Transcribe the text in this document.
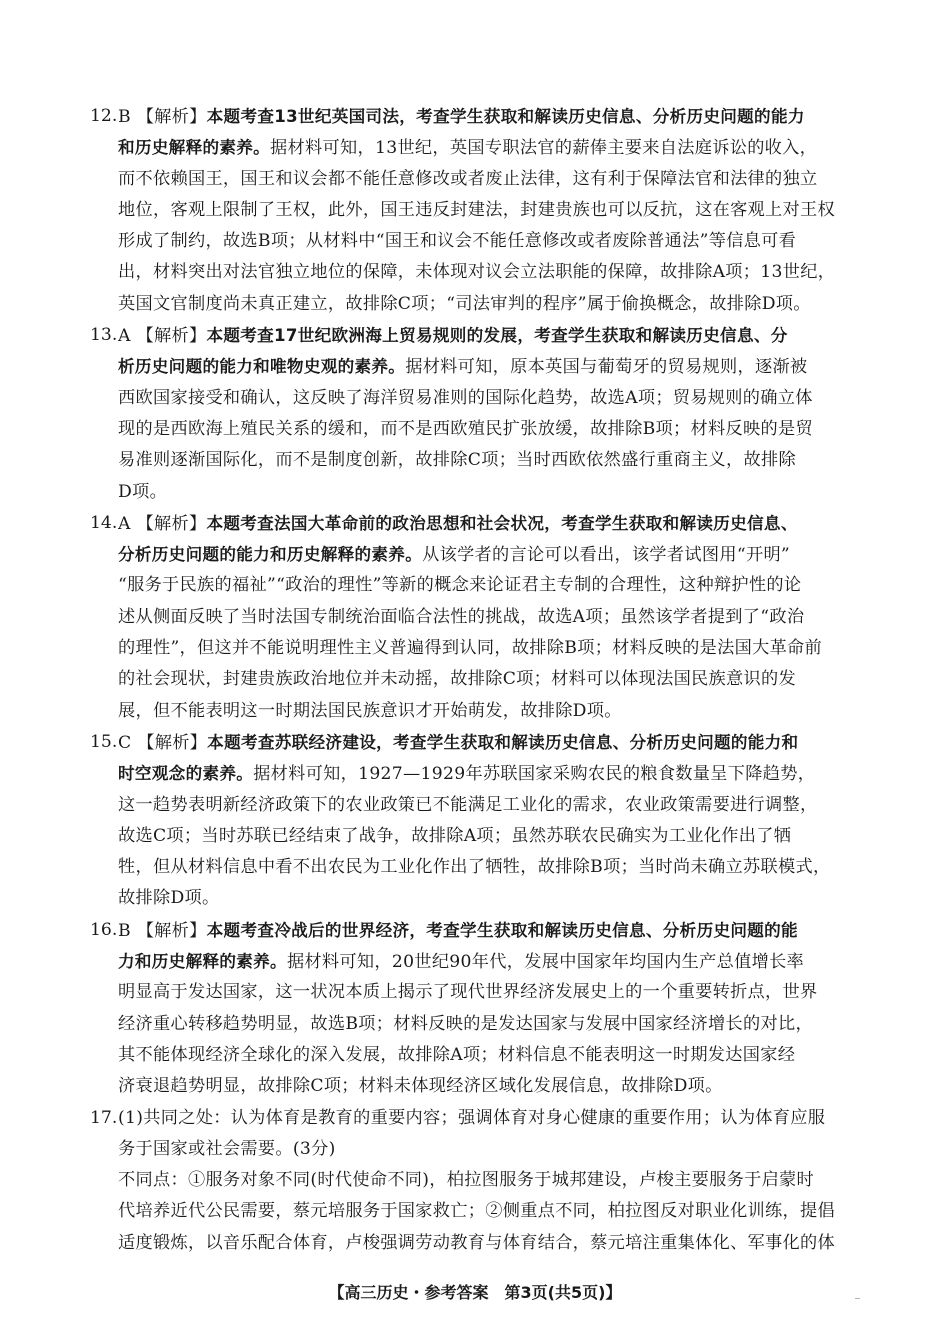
12. B 【解析】本题考查13世纪英国司法，考查学生获取和解读历史信息、分析历史问题的能力
和历史解释的素养。据材料可知，13世纪，英国专职法官的薪俸主要来自法庭诉讼的收入，
而不依赖国王，国王和议会都不能任意修改或者废止法律，这有利于保障法官和法律的独立
地位，客观上限制了王权，此外，国王违反封建法，封建贵族也可以反抗，这在客观上对王权
形成了制约，故选B项；从材料中“国王和议会不能任意修改或者废除普通法”等信息可看
出，材料突出对法官独立地位的保障，未体现对议会立法职能的保障，故排除A项；13世纪，
英国文官制度尚未真正建立，故排除C项；“司法审判的程序”属于偷换概念，故排除D项。
13. A 【解析】本题考查17世纪欧洲海上贸易规则的发展，考查学生获取和解读历史信息、分
析历史问题的能力和唯物史观的素养。据材料可知，原本英国与葡萄牙的贸易规则，逐渐被
西欧国家接受和确认，这反映了海洋贸易准则的国际化趋势，故选A项；贸易规则的确立体
现的是西欧海上殖民关系的缓和，而不是西欧殖民扩张放缓，故排除B项；材料反映的是贸
易准则逐渐国际化，而不是制度创新，故排除C项；当时西欧依然盛行重商主义，故排除
D项。
14. A 【解析】本题考查法国大革命前的政治思想和社会状况，考查学生获取和解读历史信息、
分析历史问题的能力和历史解释的素养。从该学者的言论可以看出，该学者试图用“开明”
“服务于民族的福祉”“政治的理性”等新的概念来论证君主专制的合理性，这种辩护性的论
述从侧面反映了当时法国专制统治面临合法性的挑战，故选A项；虽然该学者提到了“政治
的理性”，但这并不能说明理性主义普遍得到认同，故排除B项；材料反映的是法国大革命前
的社会现状，封建贵族政治地位并未动摇，故排除C项；材料可以体现法国民族意识的发
展，但不能表明这一时期法国民族意识才开始萌发，故排除D项。
15. C 【解析】本题考查苏联经济建设，考查学生获取和解读历史信息、分析历史问题的能力和
时空观念的素养。据材料可知，1927—1929年苏联国家采购农民的粮食数量呈下降趋势，
这一趋势表明新经济政策下的农业政策已不能满足工业化的需求，农业政策需要进行调整，
故选C项；当时苏联已经结束了战争，故排除A项；虽然苏联农民确实为工业化作出了牺
牲，但从材料信息中看不出农民为工业化作出了牺牲，故排除B项；当时尚未确立苏联模式，
故排除D项。
16. B 【解析】本题考查冷战后的世界经济，考查学生获取和解读历史信息、分析历史问题的能
力和历史解释的素养。据材料可知，20世纪90年代，发展中国家年均国内生产总值增长率
明显高于发达国家，这一状况本质上揭示了现代世界经济发展史上的一个重要转折点，世界
经济重心转移趋势明显，故选B项；材料反映的是发达国家与发展中国家经济增长的对比，
其不能体现经济全球化的深入发展，故排除A项；材料信息不能表明这一时期发达国家经
济衰退趋势明显，故排除C项；材料未体现经济区域化发展信息，故排除D项。
17. (1)共同之处：认为体育是教育的重要内容；强调体育对身心健康的重要作用；认为体育应服
务于国家或社会需要。(3分)
不同点：①服务对象不同(时代使命不同)，柏拉图服务于城邦建设，卢梭主要服务于启蒙时
代培养近代公民需要，蔡元培服务于国家救亡；②侧重点不同，柏拉图反对职业化训练，提倡
适度锻炼，以音乐配合体育，卢梭强调劳动教育与体育结合，蔡元培注重集体化、军事化的体
【高三历史・参考答案　第3页(共5页)】	_
